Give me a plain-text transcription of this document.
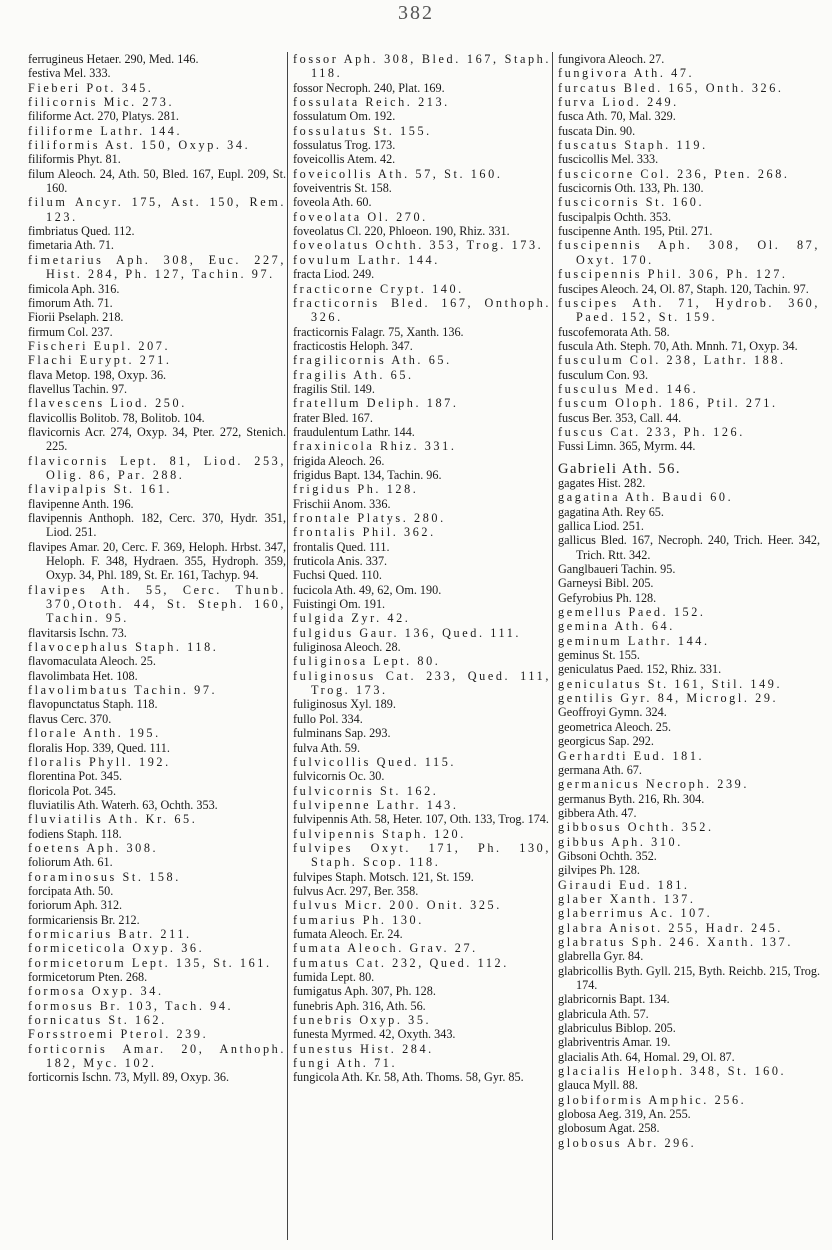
382

ferrugineus Hetaer. 290, Med. 146.

festiva Mel. 333.

Fieberi Pot. 345.

filicornis Mic. 273.

filiforme Act. 270, Platys. 281.

filiforme Lathr. 144.

filiformis Ast. 150, Oxyp. 34.

filiformis Phyt. 81.

filum Aleoch. 24, Ath. 50, Bled. 167, Eupl. 209, St. 160.

filum Ancyr. 175, Ast. 150, Rem. 123.

fimbriatus Qued. 112.

fimetaria Ath. 71.

fimetarius Aph. 308, Euc. 227, Hist. 284, Ph. 127, Tachin. 97.

fimicola Aph. 316.

fimorum Ath. 71.

Fiorii Pselaph. 218.

firmum Col. 237.

Fischeri Eupl. 207.

Flachi Eurypt. 271.

flava Metop. 198, Oxyp. 36.

flavellus Tachin. 97.

flavescens Liod. 250.

flavicollis Bolitob. 78, Bolitob. 104.

flavicornis Acr. 274, Oxyp. 34, Pter. 272, Stenich. 225.

flavicornis Lept. 81, Liod. 253, Olig. 86, Par. 288.

flavipalpis St. 161.

flavipenne Anth. 196.

flavipennis Anthoph. 182, Cerc. 370, Hydr. 351, Liod. 251.

flavipes Amar. 20, Cerc. F. 369, Heloph. Hrbst. 347, Heloph. F. 348, Hydraen. 355, Hydroph. 359, Oxyp. 34, Phl. 189, St. Er. 161, Tachyp. 94.

flavipes Ath. 55, Cerc. Thunb. 370,Ototh. 44, St. Steph. 160, Tachin. 95.

flavitarsis Ischn. 73.

flavocephalus Staph. 118.

flavomaculata Aleoch. 25.

flavolimbata Het. 108.

flavolimbatus Tachin. 97.

flavopunctatus Staph. 118.

flavus Cerc. 370.

florale Anth. 195.

floralis Hop. 339, Qued. 111.

floralis Phyll. 192.

florentina Pot. 345.

floricola Pot. 345.

fluviatilis Ath. Waterh. 63, Ochth. 353.

fluviatilis Ath. Kr. 65.

fodiens Staph. 118.

foetens Aph. 308.

foliorum Ath. 61.

foraminosus St. 158.

forcipata Ath. 50.

foriorum Aph. 312.

formicariensis Br. 212.

formicarius Batr. 211.

formiceticola Oxyp. 36.

formicetorum Lept. 135, St. 161.

formicetorum Pten. 268.

formosa Oxyp. 34.

formosus Br. 103, Tach. 94.

fornicatus St. 162.

Forsstroemi Pterol. 239.

forticornis Amar. 20, Anthoph. 182, Myc. 102.

forticornis Ischn. 73, Myll. 89, Oxyp. 36.

fossor Aph. 308, Bled. 167, Staph. 118.

fossor Necroph. 240, Plat. 169.

fossulata Reich. 213.

fossulatum Om. 192.

fossulatus St. 155.

fossulatus Trog. 173.

foveicollis Atem. 42.

foveicollis Ath. 57, St. 160.

foveiventris St. 158.

foveola Ath. 60.

foveolata Ol. 270.

foveolatus Cl. 220, Phloeon. 190, Rhiz. 331.

foveolatus Ochth. 353, Trog. 173.

fovulum Lathr. 144.

fracta Liod. 249.

fracticorne Crypt. 140.

fracticornis Bled. 167, Onthoph. 326.

fracticornis Falagr. 75, Xanth. 136.

fracticostis Heloph. 347.

fragilicornis Ath. 65.

fragilis Ath. 65.

fragilis Stil. 149.

fratellum Deliph. 187.

frater Bled. 167.

fraudulentum Lathr. 144.

fraxinicola Rhiz. 331.

frigida Aleoch. 26.

frigidus Bapt. 134, Tachin. 96.

frigidus Ph. 128.

Frischii Anom. 336.

frontale Platys. 280.

frontalis Phil. 362.

frontalis Qued. 111.

fruticola Anis. 337.

Fuchsi Qued. 110.

fucicola Ath. 49, 62, Om. 190.

Fuistingi Om. 191.

fulgida Zyr. 42.

fulgidus Gaur. 136, Qued. 111.

fuliginosa Aleoch. 28.

fuliginosa Lept. 80.

fuliginosus Cat. 233, Qued. 111, Trog. 173.

fuliginosus Xyl. 189.

fullo Pol. 334.

fulminans Sap. 293.

fulva Ath. 59.

fulvicollis Qued. 115.

fulvicornis Oc. 30.

fulvicornis St. 162.

fulvipenne Lathr. 143.

fulvipennis Ath. 58, Heter. 107, Oth. 133, Trog. 174.

fulvipennis Staph. 120.

fulvipes Oxyt. 171, Ph. 130, Staph. Scop. 118.

fulvipes Staph. Motsch. 121, St. 159.

fulvus Acr. 297, Ber. 358.

fulvus Micr. 200. Onit. 325.

fumarius Ph. 130.

fumata Aleoch. Er. 24.

fumata Aleoch. Grav. 27.

fumatus Cat. 232, Qued. 112.

fumida Lept. 80.

fumigatus Aph. 307, Ph. 128.

funebris Aph. 316, Ath. 56.

funebris Oxyp. 35.

funesta Myrmed. 42, Oxyth. 343.

funestus Hist. 284.

fungi Ath. 71.

fungicola Ath. Kr. 58, Ath. Thoms. 58, Gyr. 85.

fungivora Aleoch. 27.

fungivora Ath. 47.

furcatus Bled. 165, Onth. 326.

furva Liod. 249.

fusca Ath. 70, Mal. 329.

fuscata Din. 90.

fuscatus Staph. 119.

fuscicollis Mel. 333.

fuscicorne Col. 236, Pten. 268.

fuscicornis Oth. 133, Ph. 130.

fuscicornis St. 160.

fuscipalpis Ochth. 353.

fuscipenne Anth. 195, Ptil. 271.

fuscipennis Aph. 308, Ol. 87, Oxyt. 170.

fuscipennis Phil. 306, Ph. 127.

fuscipes Aleoch. 24, Ol. 87, Staph. 120, Tachin. 97.

fuscipes Ath. 71, Hydrob. 360, Paed. 152, St. 159.

fuscofemorata Ath. 58.

fuscula Ath. Steph. 70, Ath. Mnnh. 71, Oxyp. 34.

fusculum Col. 238, Lathr. 188.

fusculum Con. 93.

fusculus Med. 146.

fuscum Oloph. 186, Ptil. 271.

fuscus Ber. 353, Call. 44.

fuscus Cat. 233, Ph. 126.

Fussi Limn. 365, Myrm. 44.

Gabrieli Ath. 56.

gagates Hist. 282.

gagatina Ath. Baudi 60.

gagatina Ath. Rey 65.

gallica Liod. 251.

gallicus Bled. 167, Necroph. 240, Trich. Heer. 342, Trich. Rtt. 342.

Ganglbaueri Tachin. 95.

Garneysi Bibl. 205.

Gefyrobius Ph. 128.

gemellus Paed. 152.

gemina Ath. 64.

geminum Lathr. 144.

geminus St. 155.

geniculatus Paed. 152, Rhiz. 331.

geniculatus St. 161, Stil. 149.

gentilis Gyr. 84, Microgl. 29.

Geoffroyi Gymn. 324.

geometrica Aleoch. 25.

georgicus Sap. 292.

Gerhardti Eud. 181.

germana Ath. 67.

germanicus Necroph. 239.

germanus Byth. 216, Rh. 304.

gibbera Ath. 47.

gibbosus Ochth. 352.

gibbus Aph. 310.

Gibsoni Ochth. 352.

gilvipes Ph. 128.

Giraudi Eud. 181.

glaber Xanth. 137.

glaberrimus Ac. 107.

glabra Anisot. 255, Hadr. 245.

glabratus Sph. 246. Xanth. 137.

glabrella Gyr. 84.

glabricollis Byth. Gyll. 215, Byth. Reichb. 215, Trog. 174.

glabricornis Bapt. 134.

glabricula Ath. 57.

glabriculus Biblop. 205.

glabriventris Amar. 19.

glacialis Ath. 64, Homal. 29, Ol. 87.

glacialis Heloph. 348, St. 160.

glauca Myll. 88.

globiformis Amphic. 256.

globosa Aeg. 319, An. 255.

globosum Agat. 258.

globosus Abr. 296.
